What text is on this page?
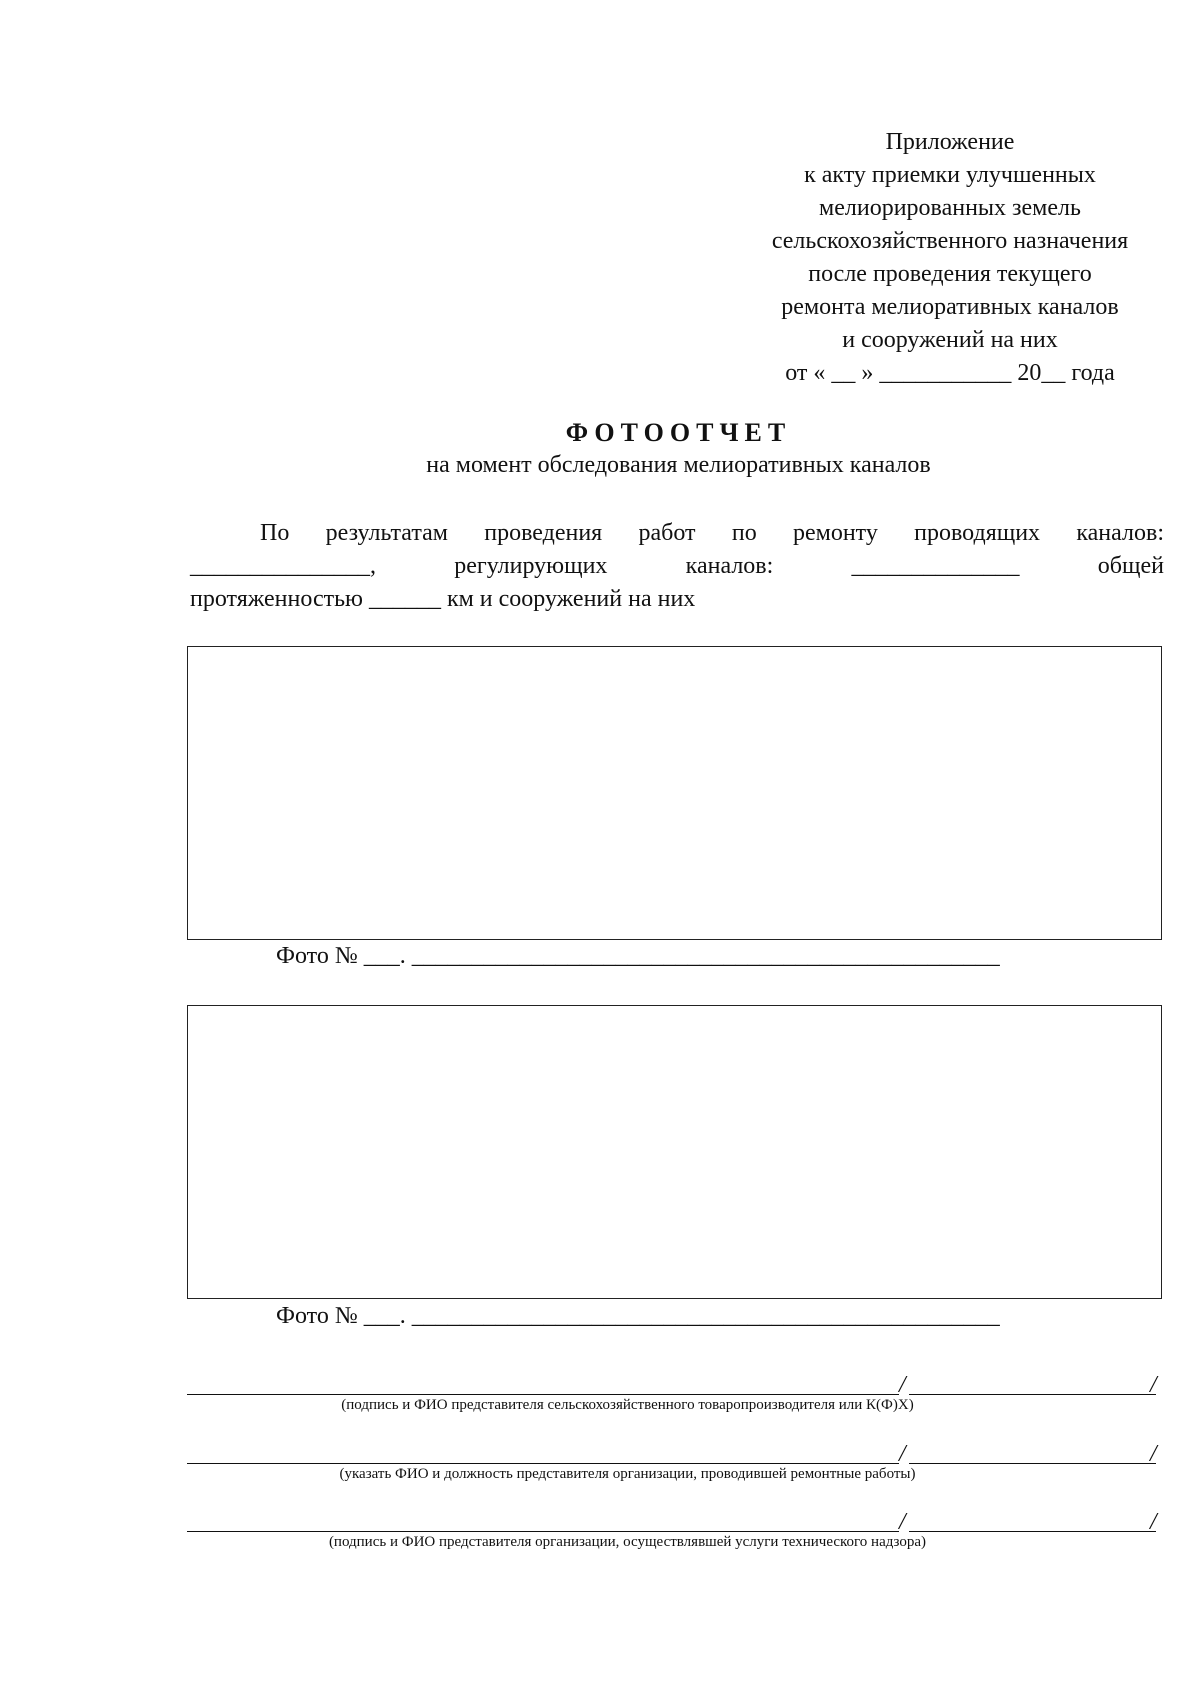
Приложение
к акту приемки улучшенных
мелиорированных земель
сельскохозяйственного назначения
после проведения текущего
ремонта мелиоративных каналов
и сооружений на них
от « __ » ___________ 20__ года
ФОТООТЧЕТ
на момент обследования мелиоративных каналов
По результатам проведения работ по ремонту проводящих каналов:
_______________,	регулирующих	каналов:	______________	общей
протяженностью ______ км и сооружений на них
Фото № ___. _________________________________________________
Фото № ___. _________________________________________________
/	/
(подпись и ФИО представителя сельскохозяйственного товаропроизводителя или К(Ф)Х)
/	/
(указать ФИО и должность представителя организации, проводившей ремонтные работы)
/	/
(подпись и ФИО представителя организации, осуществлявшей услуги технического надзора)
